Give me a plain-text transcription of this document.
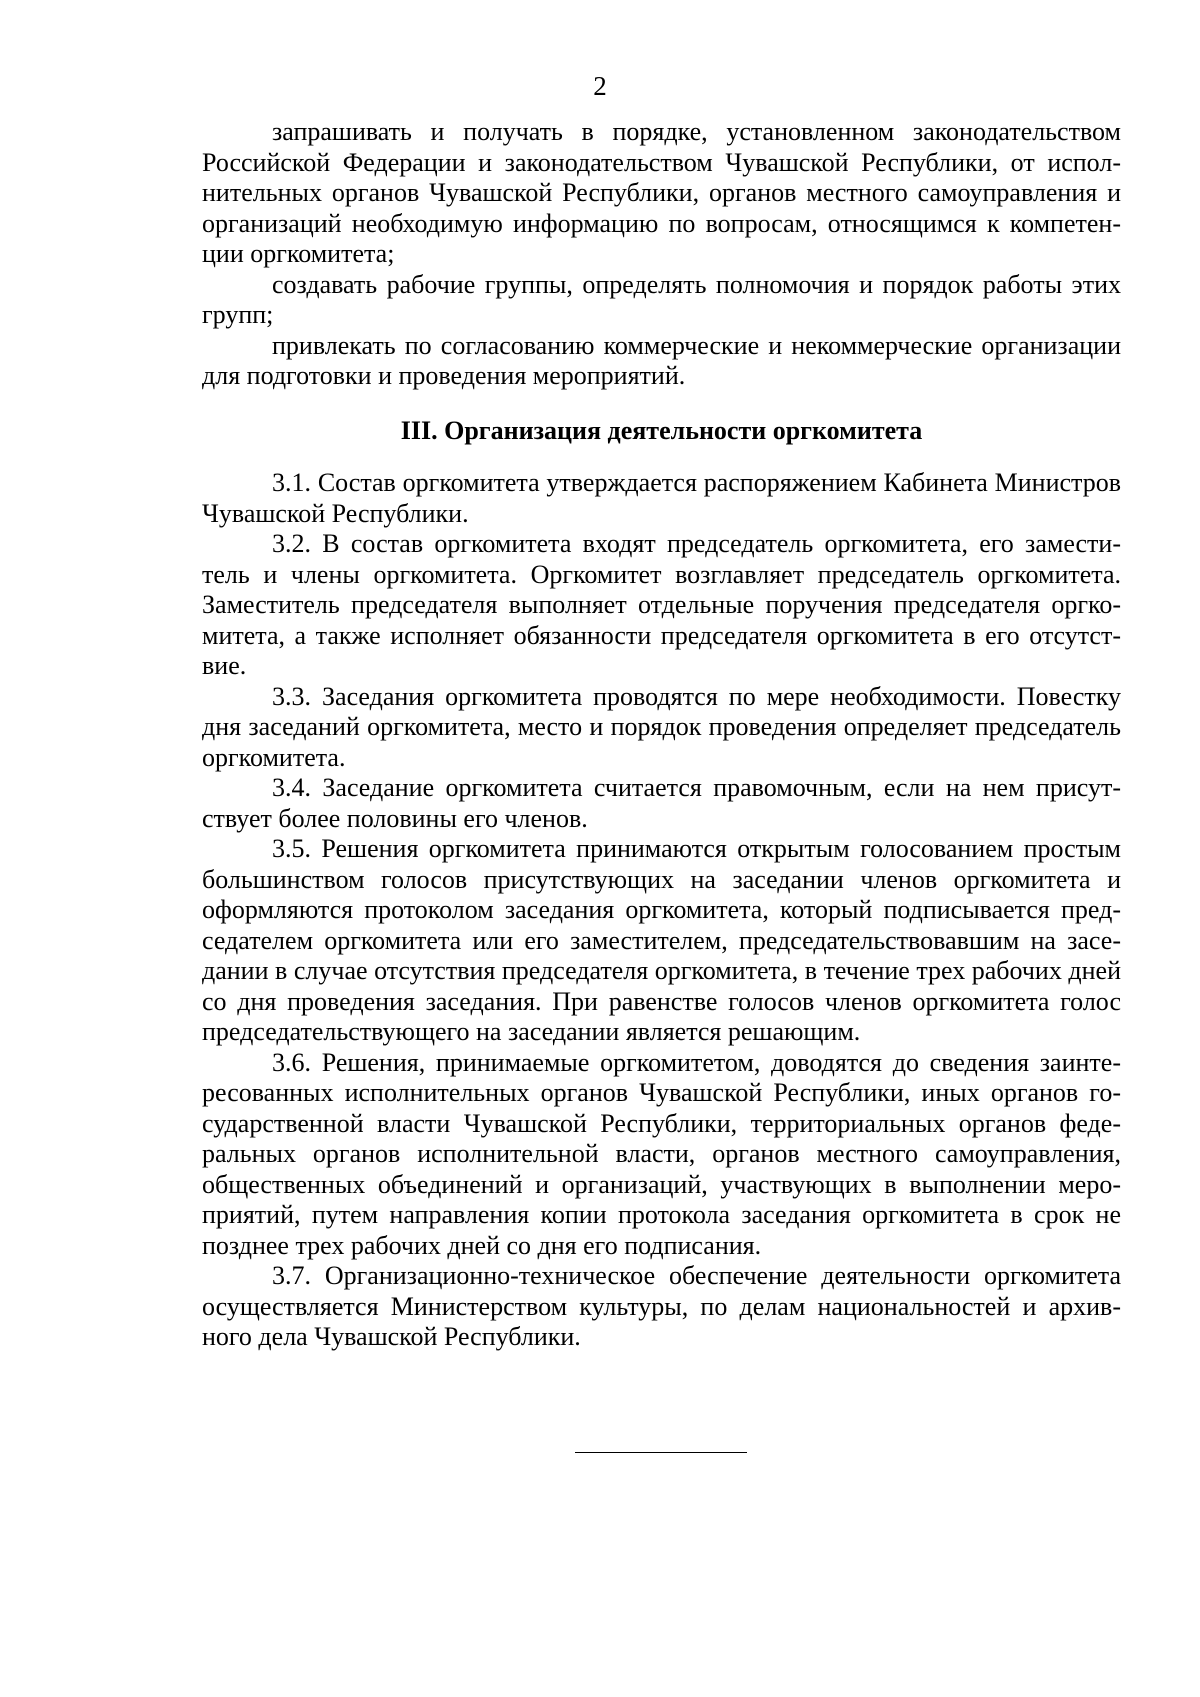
2

запрашивать и получать в порядке, установленном законодательством Российской Федерации и законодательством Чувашской Республики, от исполнительных органов Чувашской Республики, органов местного самоуправления и организаций необходимую информацию по вопросам, относящимся к компетенции оргкомитета;

создавать рабочие группы, определять полномочия и порядок работы этих групп;

привлекать по согласованию коммерческие и некоммерческие организации для подготовки и проведения мероприятий.

III. Организация деятельности оргкомитета

3.1. Состав оргкомитета утверждается распоряжением Кабинета Министров Чувашской Республики.

3.2. В состав оргкомитета входят председатель оргкомитета, его заместитель и члены оргкомитета. Оргкомитет возглавляет председатель оргкомитета. Заместитель председателя выполняет отдельные поручения председателя оргкомитета, а также исполняет обязанности председателя оргкомитета в его отсутствие.

3.3. Заседания оргкомитета проводятся по мере необходимости. Повестку дня заседаний оргкомитета, место и порядок проведения определяет председатель оргкомитета.

3.4. Заседание оргкомитета считается правомочным, если на нем присутствует более половины его членов.

3.5. Решения оргкомитета принимаются открытым голосованием простым большинством голосов присутствующих на заседании членов оргкомитета и оформляются протоколом заседания оргкомитета, который подписывается председателем оргкомитета или его заместителем, председательствовавшим на заседании в случае отсутствия председателя оргкомитета, в течение трех рабочих дней со дня проведения заседания. При равенстве голосов членов оргкомитета голос председательствующего на заседании является решающим.

3.6. Решения, принимаемые оргкомитетом, доводятся до сведения заинтересованных исполнительных органов Чувашской Республики, иных органов государственной власти Чувашской Республики, территориальных органов федеральных органов исполнительной власти, органов местного самоуправления, общественных объединений и организаций, участвующих в выполнении мероприятий, путем направления копии протокола заседания оргкомитета в срок не позднее трех рабочих дней со дня его подписания.

3.7. Организационно-техническое обеспечение деятельности оргкомитета осуществляется Министерством культуры, по делам национальностей и архивного дела Чувашской Республики.
